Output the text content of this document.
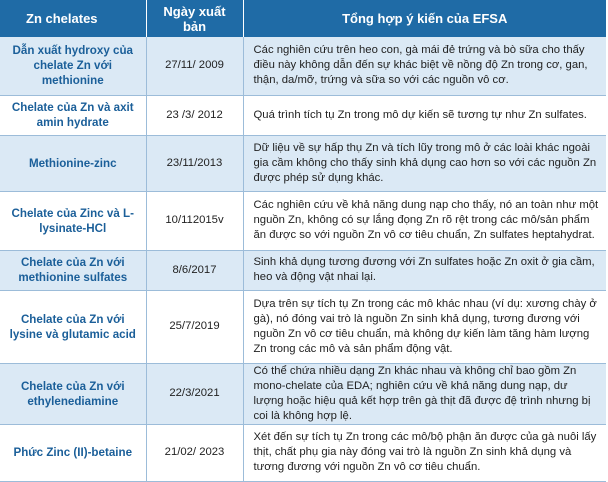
Zn chelates	Ngày xuất bản	Tổng hợp ý kiến của EFSA
Dẫn xuất hydroxy của chelate Zn với methionine	27/11/ 2009	Các nghiên cứu trên heo con, gà mái đẻ trứng và bò sữa cho thấy điều này không dẫn đến sự khác biệt về nồng độ Zn trong cơ, gan, thận, da/mỡ, trứng và sữa so với các nguồn vô cơ.
Chelate của Zn và axit amin hydrate	23 /3/ 2012	Quá trình tích tụ Zn trong mô dự kiến sẽ tương tự như Zn sulfates.
Methionine-zinc	23/11/2013	Dữ liệu về sự hấp thụ Zn và tích lũy trong mô ở các loài khác ngoài gia cầm không cho thấy sinh khả dụng cao hơn so với các nguồn Zn được phép sử dụng khác.
Chelate của Zinc và L-lysinate-HCl	10/112015v	Các nghiên cứu về khả năng dung nạp cho thấy, nó an toàn như một nguồn Zn, không có sự lắng đọng Zn rõ rệt trong các mô/sản phẩm ăn được so với nguồn Zn vô cơ tiêu chuẩn, Zn sulfates heptahydrat.
Chelate của Zn với methionine sulfates	8/6/2017	Sinh khả dụng tương đương với Zn sulfates hoặc Zn oxit ở gia cầm, heo và động vật nhai lại.
Chelate của Zn với lysine và glutamic acid	25/7/2019	Dựa trên sự tích tụ Zn trong các mô khác nhau (ví dụ: xương chày ở gà), nó đóng vai trò là nguồn Zn sinh khả dụng, tương đương với nguồn Zn vô cơ tiêu chuẩn, mà không dự kiến làm tăng hàm lượng Zn trong các mô và sản phẩm động vật.
Chelate của Zn với ethylenediamine	22/3/2021	Có thể chứa nhiều dạng Zn khác nhau và không chỉ bao gồm Zn mono-chelate của EDA; nghiên cứu về khả năng dung nạp, dư lượng hoặc hiệu quả kết hợp trên gà thịt đã được đệ trình nhưng bị coi là không hợp lệ.
Phức Zinc (II)-betaine	21/02/ 2023	Xét đến sự tích tụ Zn trong các mô/bộ phận ăn được của gà nuôi lấy thịt, chất phụ gia này đóng vai trò là nguồn Zn sinh khả dụng và tương đương với nguồn Zn vô cơ tiêu chuẩn.
